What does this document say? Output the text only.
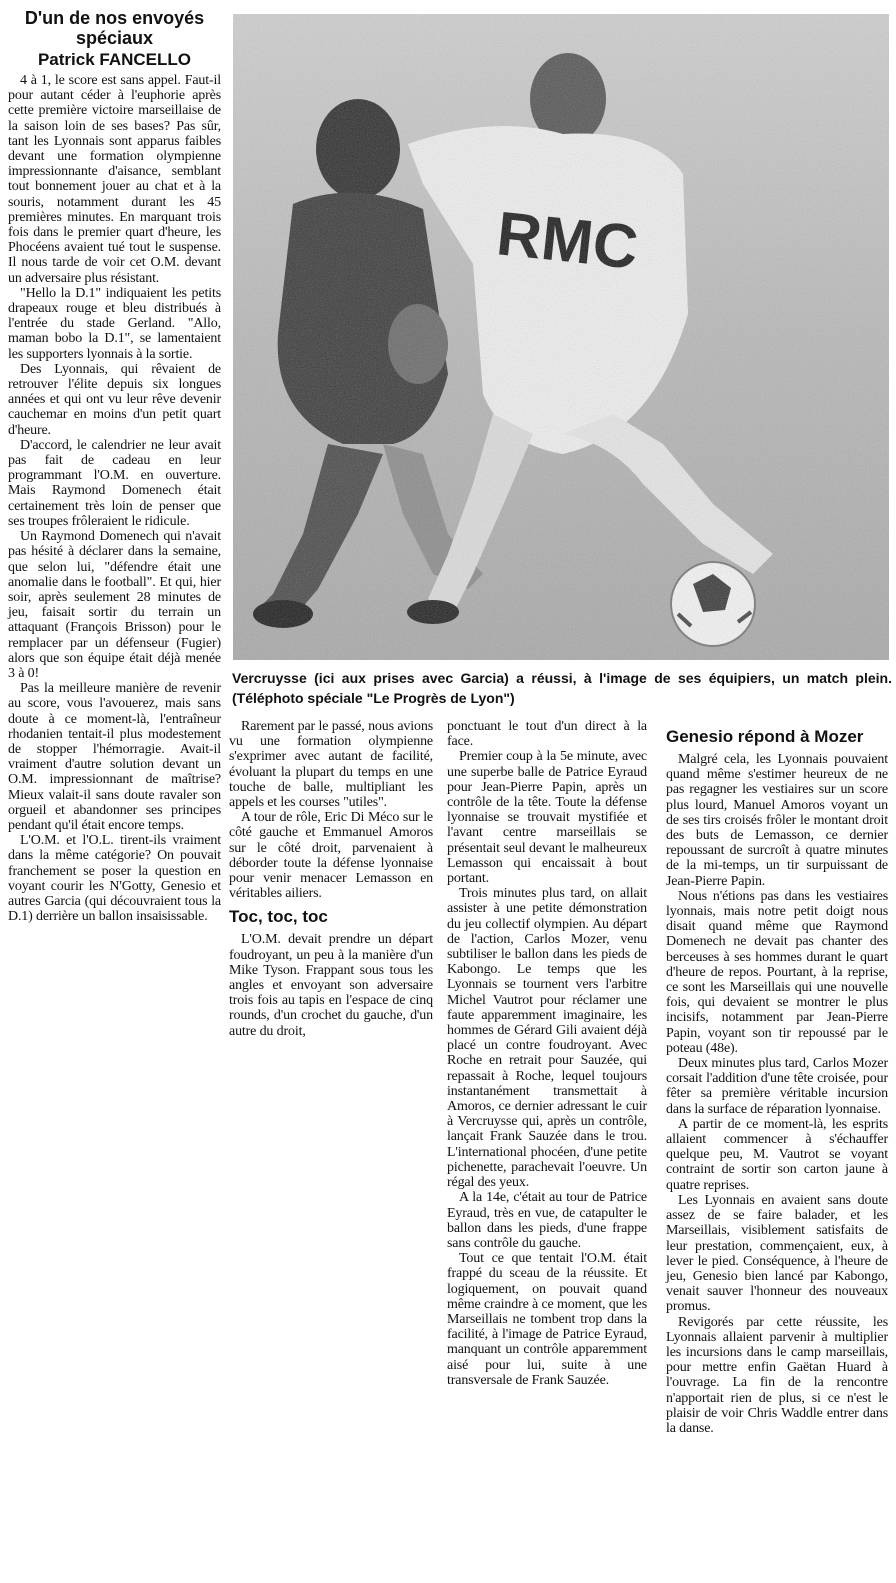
D'un de nos envoyés spéciaux
Patrick FANCELLO

4 à 1, le score est sans appel. Faut-il pour autant céder à l'euphorie après cette première victoire marseillaise de la saison loin de ses bases? Pas sûr, tant les Lyonnais sont apparus faibles devant une formation olympienne impressionnante d'aisance, semblant tout bonnement jouer au chat et à la souris, notamment durant les 45 premières minutes. En marquant trois fois dans le premier quart d'heure, les Phocéens avaient tué tout le suspense. Il nous tarde de voir cet O.M. devant un adversaire plus résistant.

"Hello la D.1" indiquaient les petits drapeaux rouge et bleu distribués à l'entrée du stade Gerland. "Allo, maman bobo la D.1", se lamentaient les supporters lyonnais à la sortie.

Des Lyonnais, qui rêvaient de retrouver l'élite depuis six longues années et qui ont vu leur rêve devenir cauchemar en moins d'un petit quart d'heure.

D'accord, le calendrier ne leur avait pas fait de cadeau en leur programmant l'O.M. en ouverture. Mais Raymond Domenech était certainement très loin de penser que ses troupes frôleraient le ridicule.

Un Raymond Domenech qui n'avait pas hésité à déclarer dans la semaine, que selon lui, "défendre était une anomalie dans le football". Et qui, hier soir, après seulement 28 minutes de jeu, faisait sortir du terrain un attaquant (François Brisson) pour le remplacer par un défenseur (Fugier) alors que son équipe était déjà menée 3 à 0!

Pas la meilleure manière de revenir au score, vous l'avouerez, mais sans doute à ce moment-là, l'entraîneur rhodanien tentait-il plus modestement de stopper l'hémorragie. Avait-il vraiment d'autre solution devant un O.M. impressionnant de maîtrise? Mieux valait-il sans doute ravaler son orgueil et abandonner ses principes pendant qu'il était encore temps.

L'O.M. et l'O.L. tirent-ils vraiment dans la même catégorie? On pouvait franchement se poser la question en voyant courir les N'Gotty, Genesio et autres Garcia (qui découvraient tous la D.1) derrière un ballon insaisissable.

Vercruysse (ici aux prises avec Garcia) a réussi, à l'image de ses équipiers, un match plein. (Téléphoto spéciale "Le Progrès de Lyon")

Rarement par le passé, nous avions vu une formation olympienne s'exprimer avec autant de facilité, évoluant la plupart du temps en une touche de balle, multipliant les appels et les courses "utiles".

A tour de rôle, Eric Di Méco sur le côté gauche et Emmanuel Amoros sur le côté droit, parvenaient à déborder toute la défense lyonnaise pour venir menacer Lemasson en véritables ailiers.

Toc, toc, toc

L'O.M. devait prendre un départ foudroyant, un peu à la manière d'un Mike Tyson. Frappant sous tous les angles et envoyant son adversaire trois fois au tapis en l'espace de cinq rounds, d'un crochet du gauche, d'un autre du droit,

ponctuant le tout d'un direct à la face.

Premier coup à la 5e minute, avec une superbe balle de Patrice Eyraud pour Jean-Pierre Papin, après un contrôle de la tête. Toute la défense lyonnaise se trouvait mystifiée et l'avant centre marseillais se présentait seul devant le malheureux Lemasson qui encaissait à bout portant.

Trois minutes plus tard, on allait assister à une petite démonstration du jeu collectif olympien. Au départ de l'action, Carlos Mozer, venu subtiliser le ballon dans les pieds de Kabongo. Le temps que les Lyonnais se tournent vers l'arbitre Michel Vautrot pour réclamer une faute apparemment imaginaire, les hommes de Gérard Gili avaient déjà placé un contre foudroyant. Avec Roche en retrait pour Sauzée, qui repassait à Roche, lequel toujours instantanément transmettait à Amoros, ce dernier adressant le cuir à Vercruysse qui, après un contrôle, lançait Frank Sauzée dans le trou. L'international phocéen, d'une petite pichenette, parachevait l'oeuvre. Un régal des yeux.

A la 14e, c'était au tour de Patrice Eyraud, très en vue, de catapulter le ballon dans les pieds, d'une frappe sans contrôle du gauche.

Tout ce que tentait l'O.M. était frappé du sceau de la réussite. Et logiquement, on pouvait quand même craindre à ce moment, que les Marseillais ne tombent trop dans la facilité, à l'image de Patrice Eyraud, manquant un contrôle apparemment aisé pour lui, suite à une transversale de Frank Sauzée.

Genesio répond à Mozer

Malgré cela, les Lyonnais pouvaient quand même s'estimer heureux de ne pas regagner les vestiaires sur un score plus lourd, Manuel Amoros voyant un de ses tirs croisés frôler le montant droit des buts de Lemasson, ce dernier repoussant de surcroît à quatre minutes de la mi-temps, un tir surpuissant de Jean-Pierre Papin.

Nous n'étions pas dans les vestiaires lyonnais, mais notre petit doigt nous disait quand même que Raymond Domenech ne devait pas chanter des berceuses à ses hommes durant le quart d'heure de repos. Pourtant, à la reprise, ce sont les Marseillais qui une nouvelle fois, qui devaient se montrer le plus incisifs, notamment par Jean-Pierre Papin, voyant son tir repoussé par le poteau (48e).

Deux minutes plus tard, Carlos Mozer corsait l'addition d'une tête croisée, pour fêter sa première véritable incursion dans la surface de réparation lyonnaise.

A partir de ce moment-là, les esprits allaient commencer à s'échauffer quelque peu, M. Vautrot se voyant contraint de sortir son carton jaune à quatre reprises.

Les Lyonnais en avaient sans doute assez de se faire balader, et les Marseillais, visiblement satisfaits de leur prestation, commençaient, eux, à lever le pied. Conséquence, à l'heure de jeu, Genesio bien lancé par Kabongo, venait sauver l'honneur des nouveaux promus.

Revigorés par cette réussite, les Lyonnais allaient parvenir à multiplier les incursions dans le camp marseillais, pour mettre enfin Gaëtan Huard à l'ouvrage. La fin de la rencontre n'apportait rien de plus, si ce n'est le plaisir de voir Chris Waddle entrer dans la danse.
